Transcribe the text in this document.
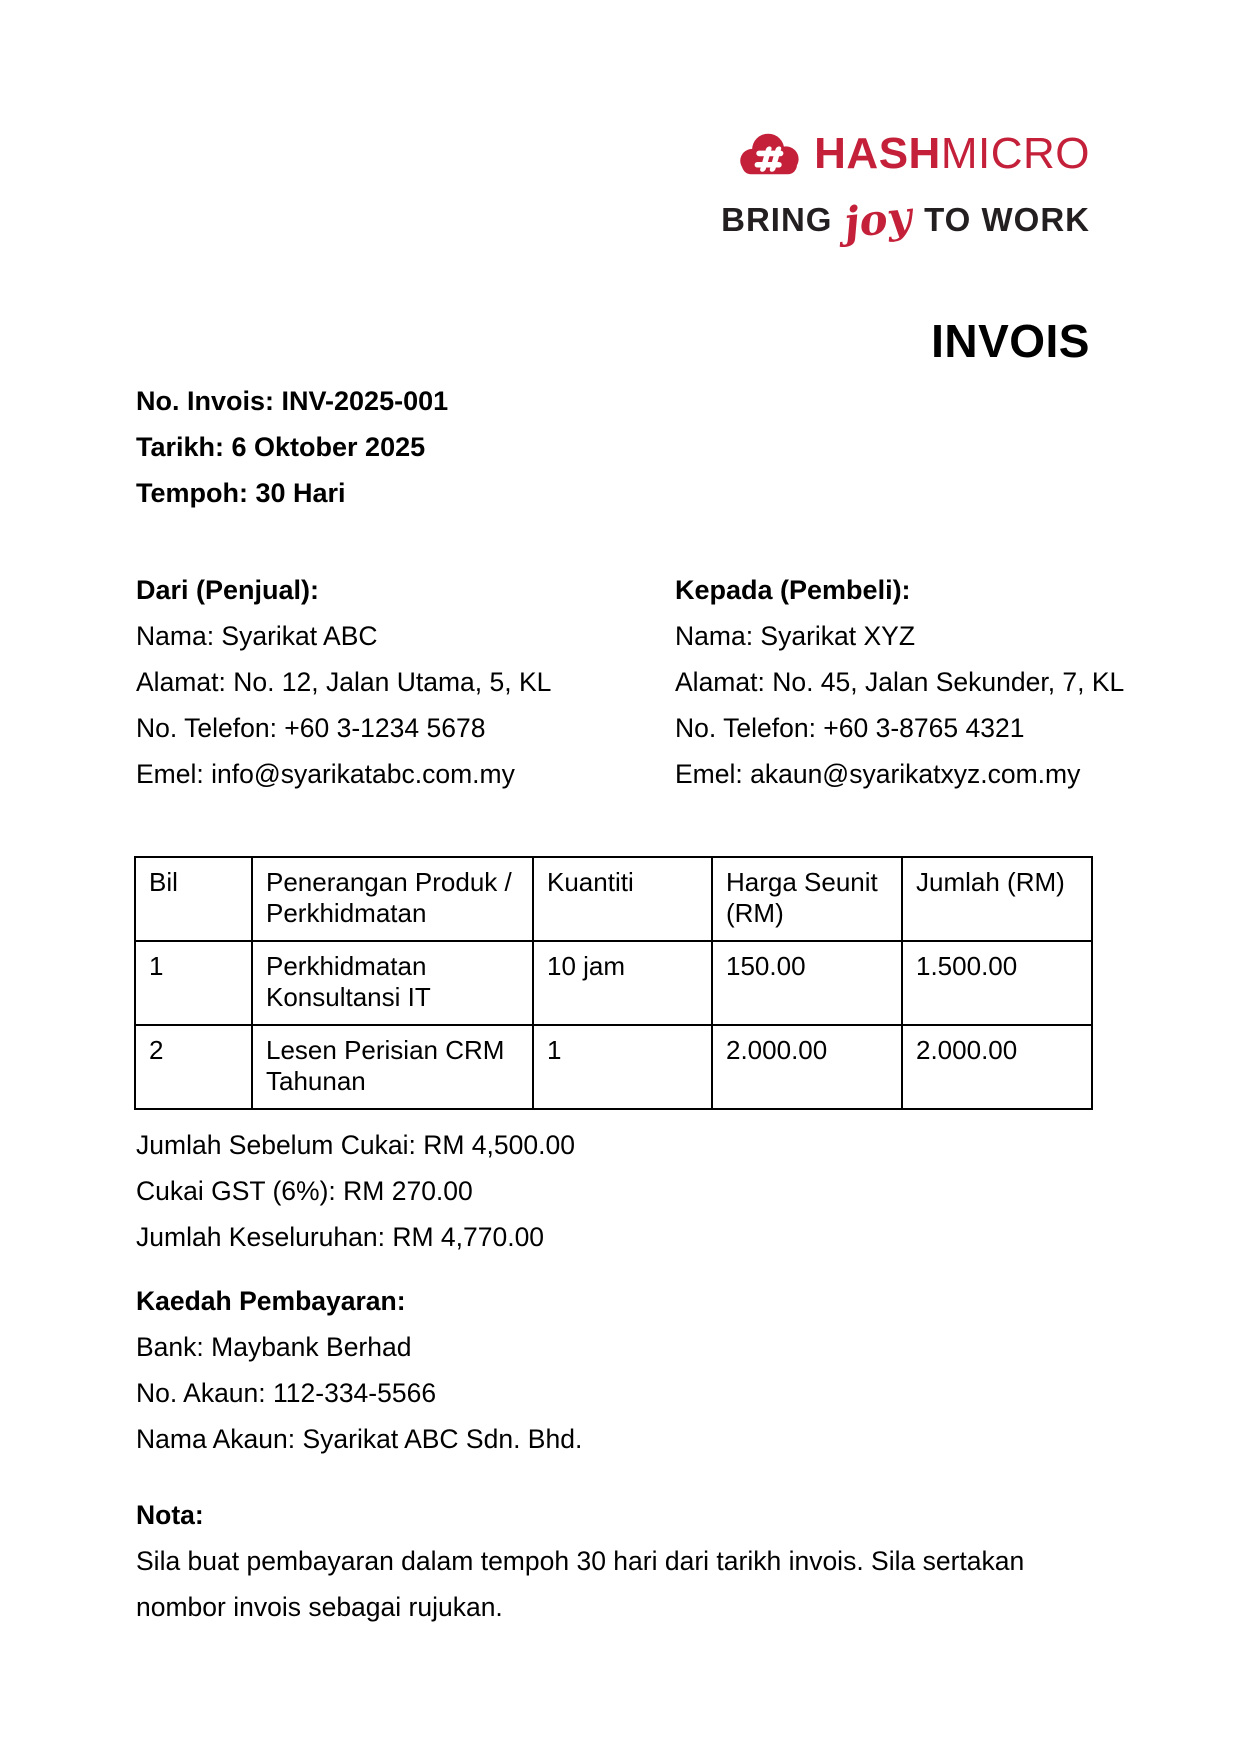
HASHMICRO
BRING joy TO WORK
INVOIS
No. Invois: INV-2025-001
Tarikh: 6 Oktober 2025
Tempoh: 30 Hari
Dari (Penjual):
Nama: Syarikat ABC
Alamat: No. 12, Jalan Utama, 5, KL
No. Telefon: +60 3-1234 5678
Emel: info@syarikatabc.com.my
Kepada (Pembeli):
Nama: Syarikat XYZ
Alamat: No. 45, Jalan Sekunder, 7, KL
No. Telefon: +60 3-8765 4321
Emel: akaun@syarikatxyz.com.my
Bil	Penerangan Produk / Perkhidmatan	Kuantiti	Harga Seunit (RM)	Jumlah (RM)
1	Perkhidmatan Konsultansi IT	10 jam	150.00	1.500.00
2	Lesen Perisian CRM Tahunan	1	2.000.00	2.000.00
Jumlah Sebelum Cukai: RM 4,500.00
Cukai GST (6%): RM 270.00
Jumlah Keseluruhan: RM 4,770.00
Kaedah Pembayaran:
Bank: Maybank Berhad
No. Akaun: 112-334-5566
Nama Akaun: Syarikat ABC Sdn. Bhd.
Nota:
Sila buat pembayaran dalam tempoh 30 hari dari tarikh invois. Sila sertakan nombor invois sebagai rujukan.
